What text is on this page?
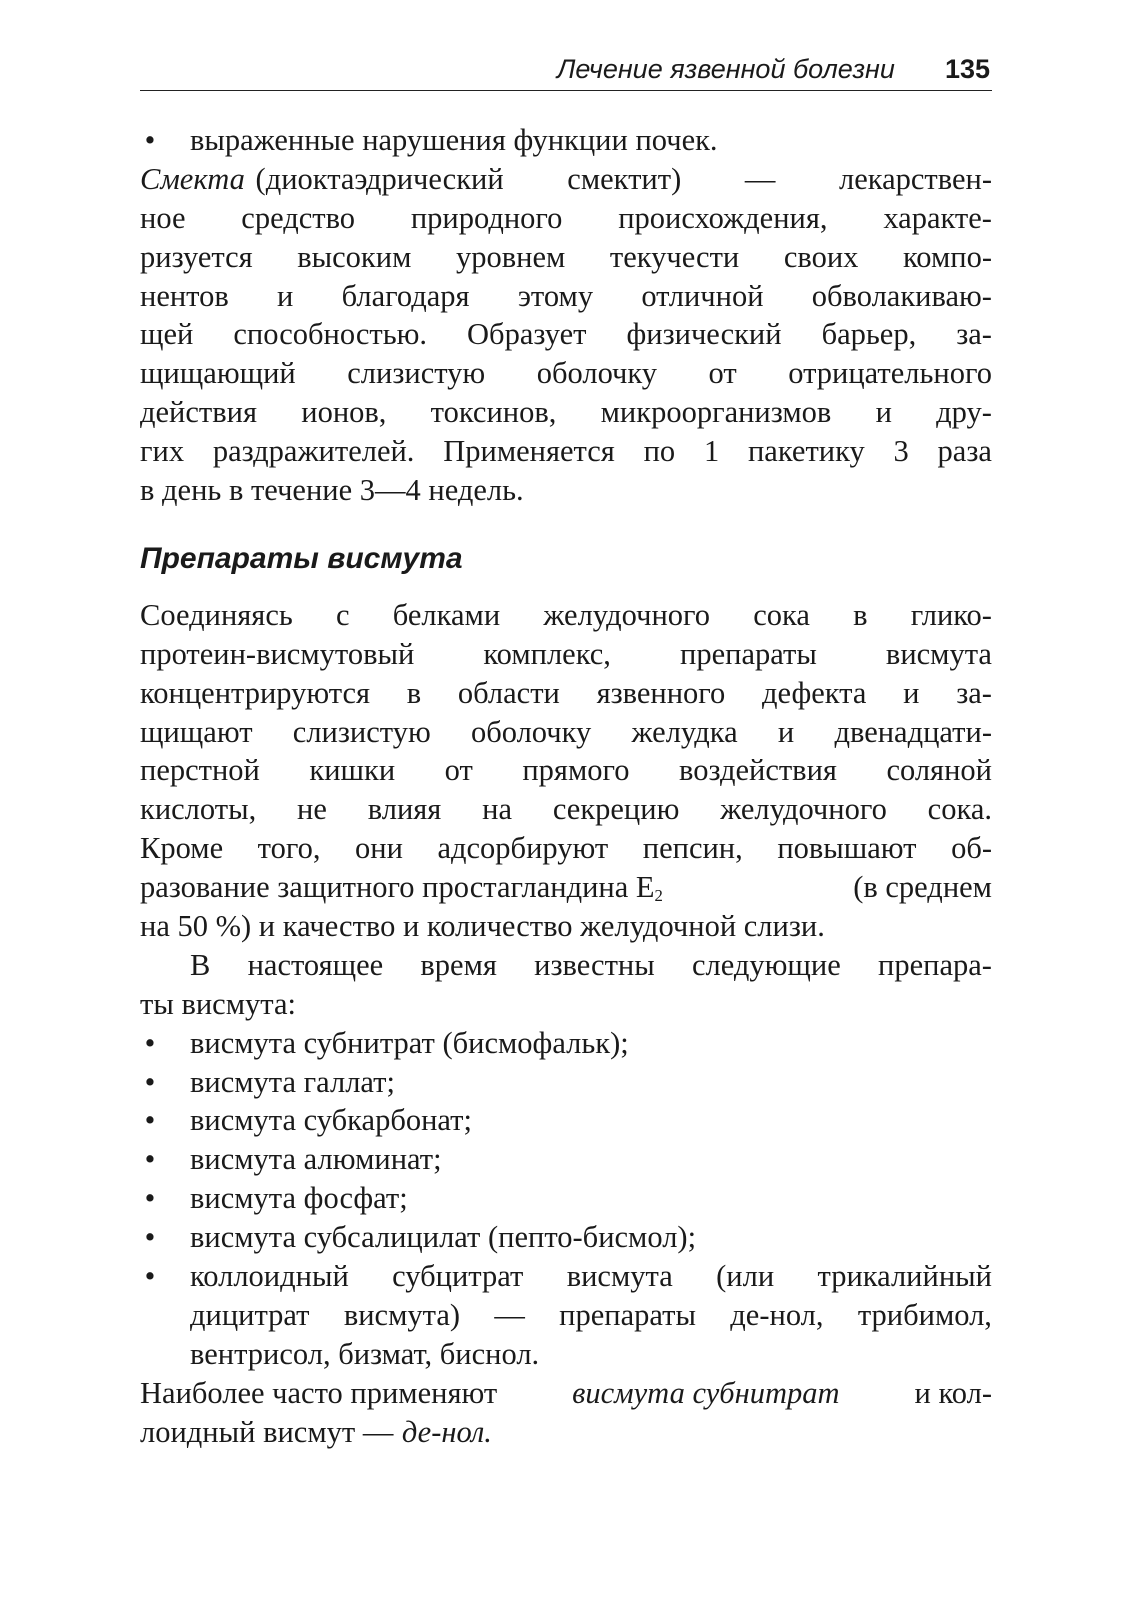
Лечение язвенной болезни 135
• выраженные нарушения функции почек.
Смекта (диоктаэдрический смектит) — лекарствен-
ное средство природного происхождения, характе-
ризуется высоким уровнем текучести своих компо-
нентов и благодаря этому отличной обволакиваю-
щей способностью. Образует физический барьер, за-
щищающий слизистую оболочку от отрицательного
действия ионов, токсинов, микроорганизмов и дру-
гих раздражителей. Применяется по 1 пакетику 3 раза
в день в течение 3—4 недель.
Препараты висмута
Соединяясь с белками желудочного сока в глико-
протеин-висмутовый комплекс, препараты висмута
концентрируются в области язвенного дефекта и за-
щищают слизистую оболочку желудка и двенадцати-
перстной кишки от прямого воздействия соляной
кислоты, не влияя на секрецию желудочного сока.
Кроме того, они адсорбируют пепсин, повышают об-
разование защитного простагландина $Е_2$	(в среднем
на 50 %) и качество и количество желудочной слизи.
В настоящее время известны следующие препара-
ты висмута:
• висмута субнитрат (бисмофальк);
• висмута галлат;
• висмута субкарбонат;
• висмута алюминат;
• висмута фосфат;
• висмута субсалицилат (пепто-бисмол);
• коллоидный субцитрат висмута (или трикалийный
дицитрат висмута) — препараты де-нол, трибимол,
вентрисол, бизмат, биснол.
Наиболее часто применяют висмута субнитрат и кол-
лоидный висмут — де-нол.
